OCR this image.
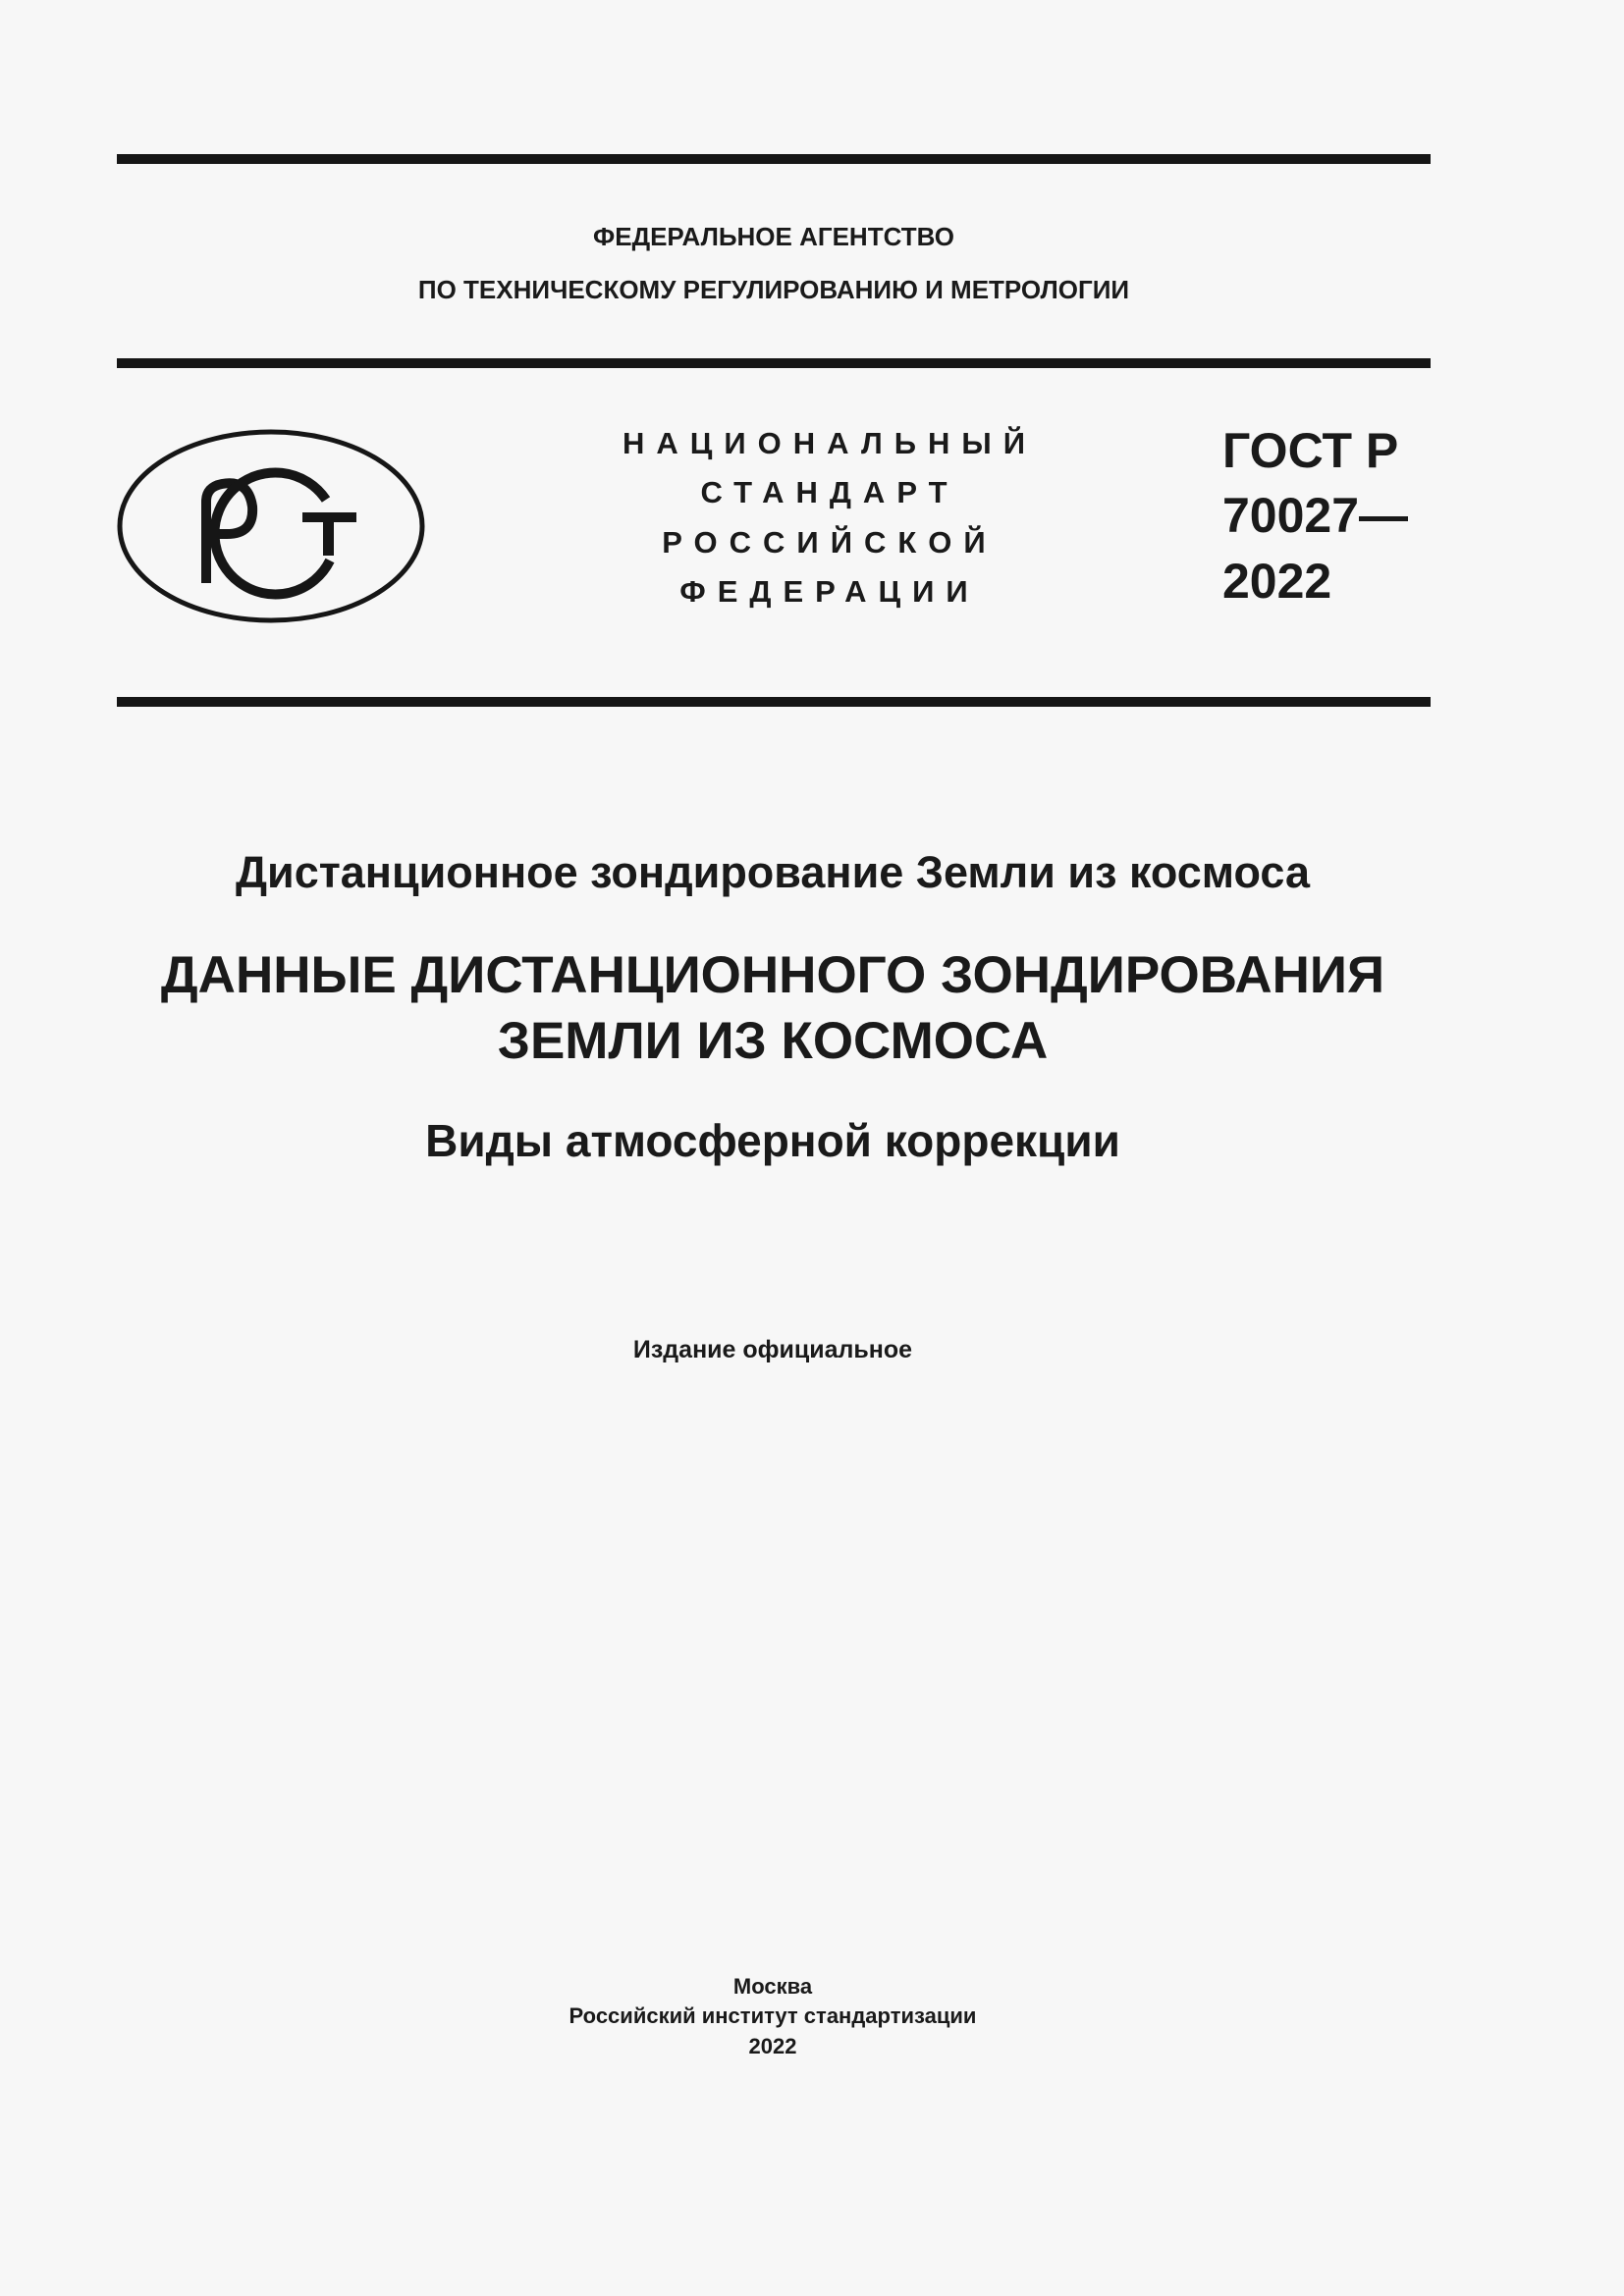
ФЕДЕРАЛЬНОЕ АГЕНТСТВО
ПО ТЕХНИЧЕСКОМУ РЕГУЛИРОВАНИЮ И МЕТРОЛОГИИ
НАЦИОНАЛЬНЫЙ
СТАНДАРТ
РОССИЙСКОЙ
ФЕДЕРАЦИИ
ГОСТ Р
70027—
2022
Дистанционное зондирование Земли из космоса
ДАННЫЕ ДИСТАНЦИОННОГО ЗОНДИРОВАНИЯ
ЗЕМЛИ ИЗ КОСМОСА
Виды атмосферной коррекции
Издание официальное
Москва
Российский институт стандартизации
2022
